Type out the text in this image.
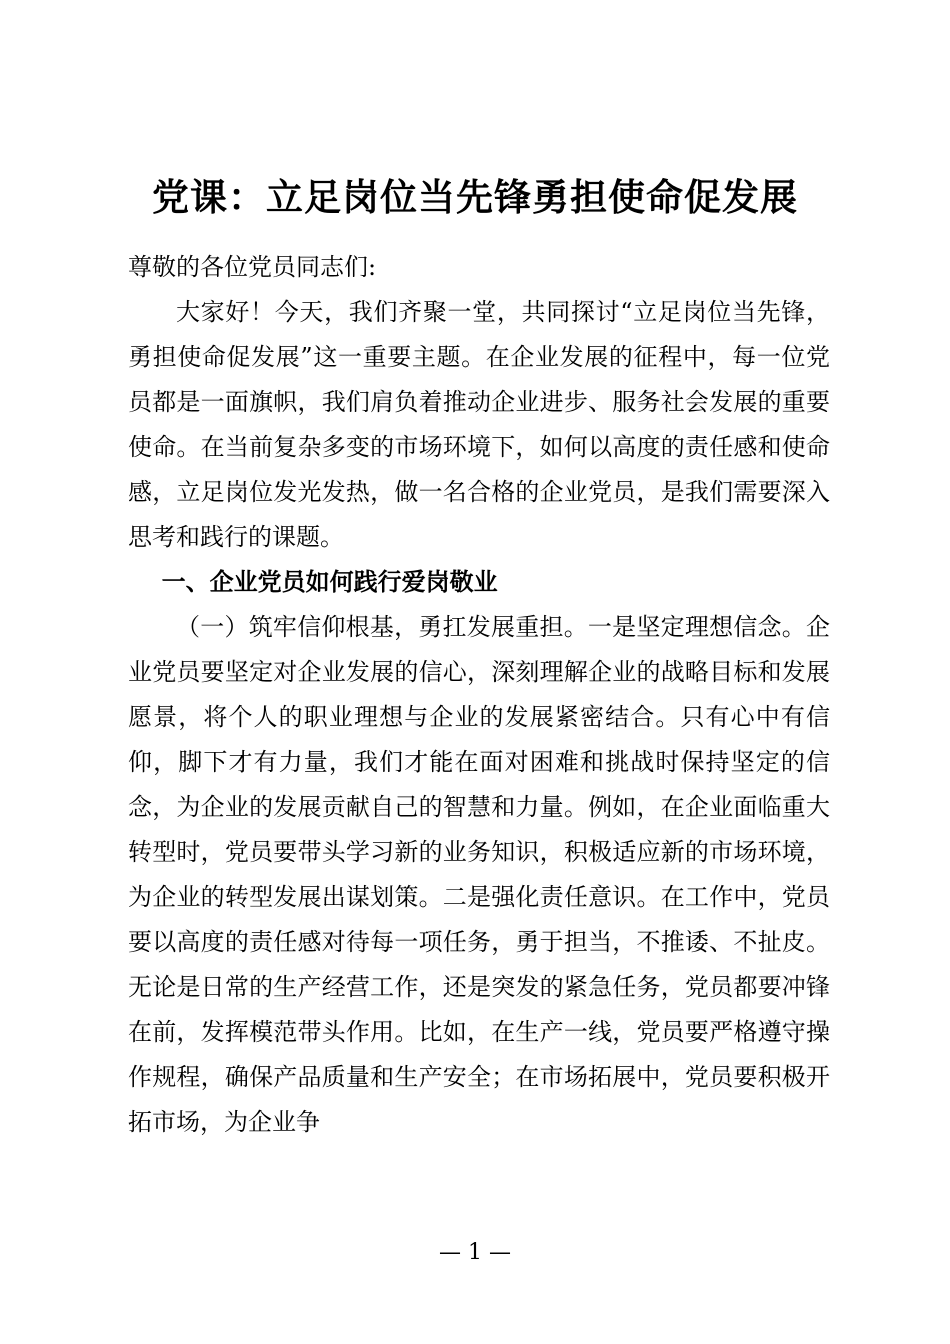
党课：立足岗位当先锋勇担使命促发展

尊敬的各位党员同志们:

大家好！今天，我们齐聚一堂，共同探讨“立足岗位当先锋，勇担使命促发展”这一重要主题。在企业发展的征程中，每一位党员都是一面旗帜，我们肩负着推动企业进步、服务社会发展的重要使命。在当前复杂多变的市场环境下，如何以高度的责任感和使命感，立足岗位发光发热，做一名合格的企业党员，是我们需要深入思考和践行的课题。

一、企业党员如何践行爱岗敬业

（一）筑牢信仰根基，勇扛发展重担。一是坚定理想信念。企业党员要坚定对企业发展的信心，深刻理解企业的战略目标和发展愿景，将个人的职业理想与企业的发展紧密结合。只有心中有信仰，脚下才有力量，我们才能在面对困难和挑战时保持坚定的信念，为企业的发展贡献自己的智慧和力量。例如，在企业面临重大转型时，党员要带头学习新的业务知识，积极适应新的市场环境，为企业的转型发展出谋划策。二是强化责任意识。在工作中，党员要以高度的责任感对待每一项任务，勇于担当，不推诿、不扯皮。无论是日常的生产经营工作，还是突发的紧急任务，党员都要冲锋在前，发挥模范带头作用。比如，在生产一线，党员要严格遵守操作规程，确保产品质量和生产安全；在市场拓展中，党员要积极开拓市场，为企业争

— 1 —
